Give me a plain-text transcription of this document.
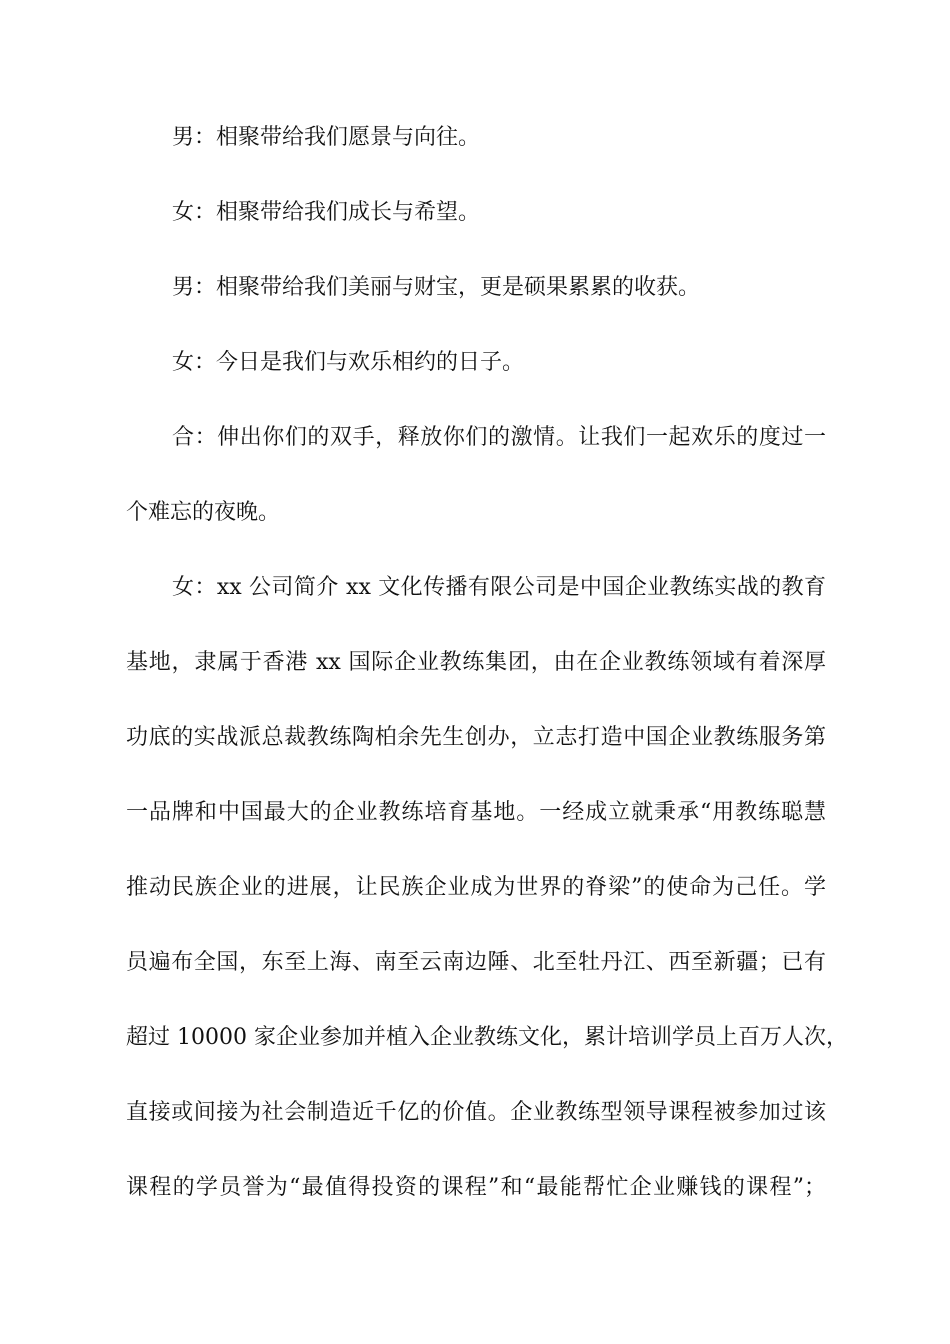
男：相聚带给我们愿景与向往。
女：相聚带给我们成长与希望。
男：相聚带给我们美丽与财宝，更是硕果累累的收获。
女：今日是我们与欢乐相约的日子。
合：伸出你们的双手，释放你们的激情。让我们一起欢乐的度过一
个难忘的夜晚。
女：xx 公司简介 xx 文化传播有限公司是中国企业教练实战的教育
基地，隶属于香港 xx 国际企业教练集团，由在企业教练领域有着深厚
功底的实战派总裁教练陶柏余先生创办，立志打造中国企业教练服务第
一品牌和中国最大的企业教练培育基地。一经成立就秉承“用教练聪慧
推动民族企业的进展，让民族企业成为世界的脊梁”的使命为己任。学
员遍布全国，东至上海、南至云南边陲、北至牡丹江、西至新疆；已有
超过 10000 家企业参加并植入企业教练文化，累计培训学员上百万人次，
直接或间接为社会制造近千亿的价值。企业教练型领导课程被参加过该
课程的学员誉为“最值得投资的课程”和“最能帮忙企业赚钱的课程”；
